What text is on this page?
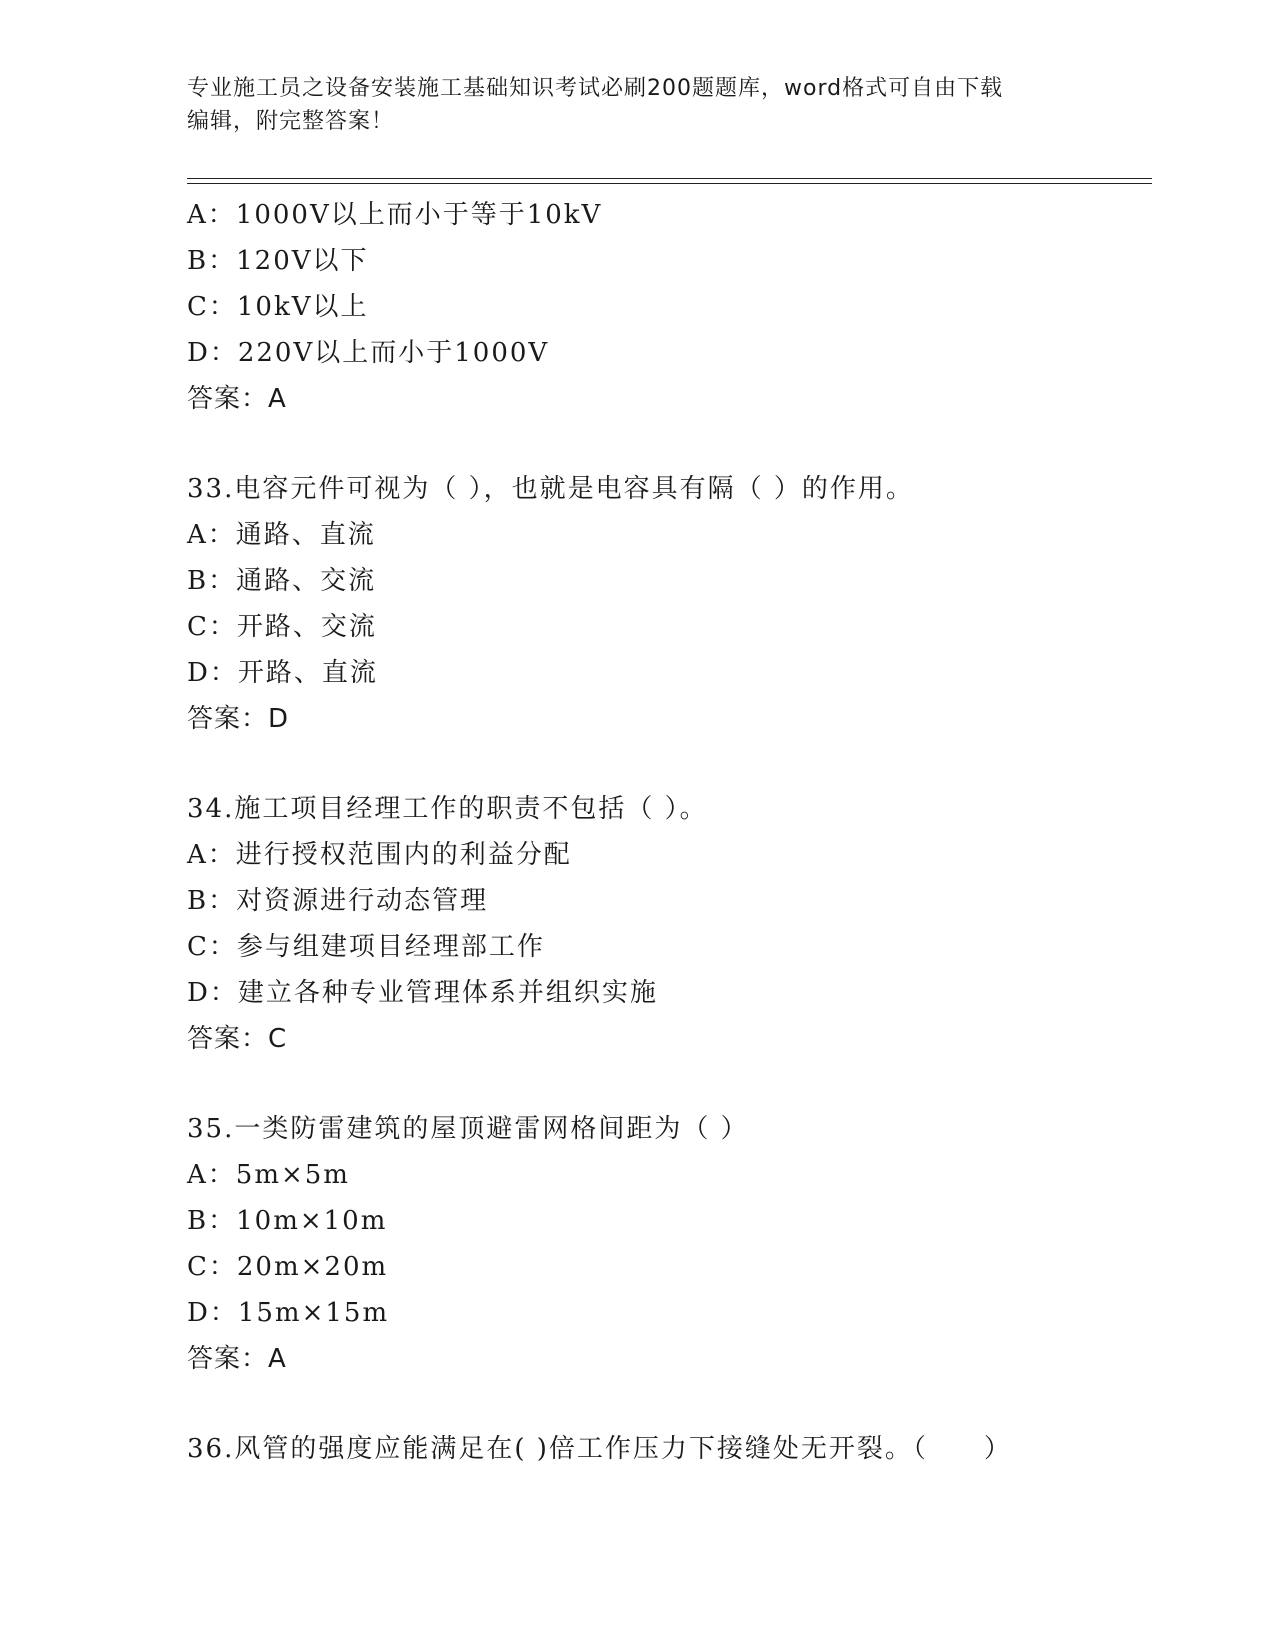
专业施工员之设备安装施工基础知识考试必刷200题题库，word格式可自由下载
编辑，附完整答案！
A：1000V以上而小于等于10kV
B：120V以下
C：10kV以上
D：220V以上而小于1000V
答案：A
33.电容元件可视为（ ），也就是电容具有隔（ ）的作用。
A：通路、直流
B：通路、交流
C：开路、交流
D：开路、直流
答案：D
34.施工项目经理工作的职责不包括（ ）。
A：进行授权范围内的利益分配
B：对资源进行动态管理
C：参与组建项目经理部工作
D：建立各种专业管理体系并组织实施
答案：C
35.一类防雷建筑的屋顶避雷网格间距为（ ）
A：5m×5m
B：10m×10m
C：20m×20m
D：15m×15m
答案：A
36.风管的强度应能满足在( )倍工作压力下接缝处无开裂。（　　）
